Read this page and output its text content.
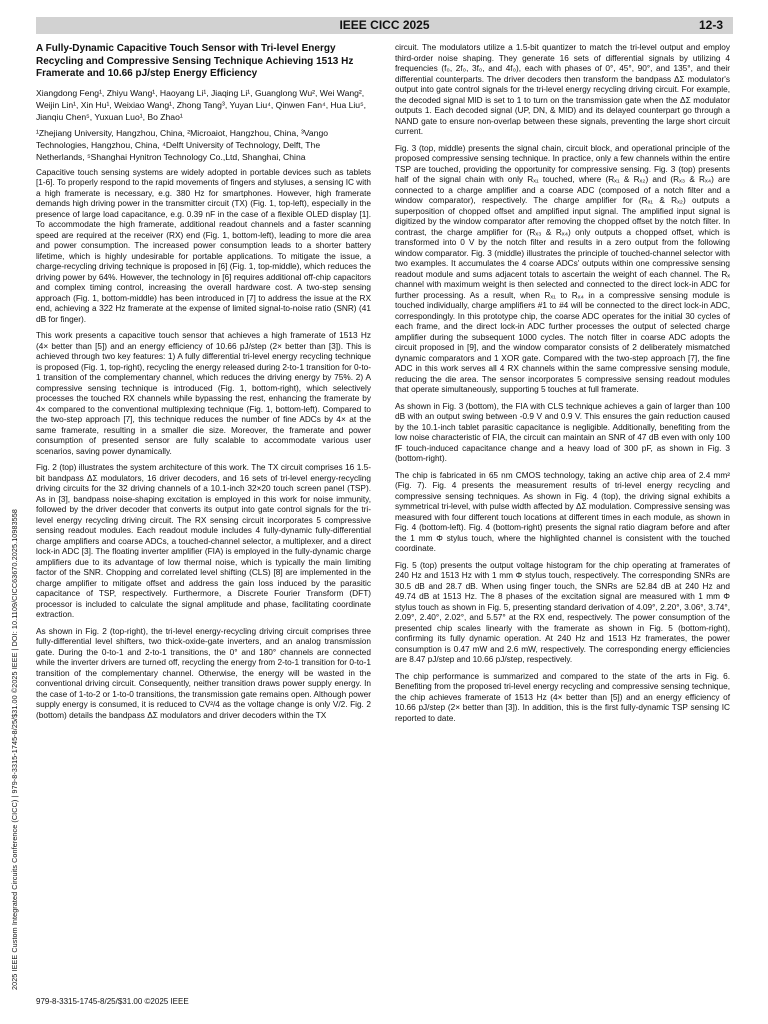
IEEE CICC 2025	12-3
2025 IEEE Custom Integrated Circuits Conference (CICC) | 979-8-3315-1745-8/25/$31.00 ©2025 IEEE | DOI: 10.1109/CICC63670.2025.10983558
A Fully-Dynamic Capacitive Touch Sensor with Tri-level Energy Recycling and Compressive Sensing Technique Achieving 1513 Hz Framerate and 10.66 pJ/step Energy Efficiency
Xiangdong Feng¹, Zhiyu Wang¹, Haoyang Li¹, Jiaqing Li¹, Guanglong Wu², Wei Wang², Weijin Lin¹, Xin Hu¹, Weixiao Wang¹, Zhong Tang³, Yuyan Liu⁴, Qinwen Fan⁴, Hua Liu⁵, Jianqiu Chen⁵, Yuxuan Luo¹, Bo Zhao¹
¹Zhejiang University, Hangzhou, China, ²Microaiot, Hangzhou, China, ³Vango Technologies, Hangzhou, China, ⁴Delft University of Technology, Delft, The Netherlands, ⁵Shanghai Hynitron Technology Co.,Ltd, Shanghai, China

Capacitive touch sensing systems are widely adopted in portable devices such as tablets [1-6]. To properly respond to the rapid movements of fingers and styluses, a sensing IC with a high framerate is necessary, e.g. 380 Hz for smartphones. However, high framerate demands high driving power in the transmitter circuit (TX) (Fig. 1, top-left), especially in the presence of large load capacitance, e.g. 0.39 nF in the case of a flexible OLED display [1]. To accommodate the high framerate, additional readout channels and a faster scanning speed are required at the receiver (RX) end (Fig. 1, bottom-left), leading to more die area and power consumption. The increased power consumption leads to a shorter battery lifetime, which is highly undesirable for portable applications. To mitigate the issue, a charge-recycling driving technique is proposed in [6] (Fig. 1, top-middle), which reduces the driving power by 64%. However, the technology in [6] requires additional off-chip capacitors and complex timing control, increasing the overall hardware cost. A two-step sensing approach (Fig. 1, bottom-middle) has been introduced in [7] to address the issue at the RX end, achieving a 322 Hz framerate at the expense of limited signal-to-noise ratio (SNR) (41 dB for finger).

This work presents a capacitive touch sensor that achieves a high framerate of 1513 Hz (4× better than [5]) and an energy efficiency of 10.66 pJ/step (2× better than [3]). This is achieved through two key features: 1) A fully differential tri-level energy recycling technique is proposed (Fig. 1, top-right), recycling the energy released during 2-to-1 transition for 0-to-1 transition of the complementary channel, which reduces the driving energy by 75%. 2) A compressive sensing technique is introduced (Fig. 1, bottom-right), which selectively processes the touched RX channels while bypassing the rest, enhancing the framerate by 4× compared to the conventional multiplexing technique (Fig. 1, bottom-left). Compared to the two-step approach [7], this technique reduces the number of fine ADCs by 4× at the same framerate, resulting in a smaller die size. Moreover, the framerate and power consumption of presented sensor are fully scalable to accommodate various user scenarios, saving power dynamically.

Fig. 2 (top) illustrates the system architecture of this work. The TX circuit comprises 16 1.5-bit bandpass ΔΣ modulators, 16 driver decoders, and 16 sets of tri-level energy-recycling driving circuits for the 32 driving channels of a 10.1-inch 32×20 touch screen panel (TSP). As in [3], bandpass noise-shaping excitation is employed in this work for noise immunity, followed by the driver decoder that converts its output into gate control signals for the tri-level energy recycling driving circuit. The RX sensing circuit incorporates 5 compressive sensing readout modules. Each readout module includes 4 fully-dynamic fully-differential charge amplifiers and coarse ADCs, a touched-channel selector, a multiplexer, and a direct lock-in ADC [3]. The floating inverter amplifier (FIA) is employed in the fully-dynamic charge amplifiers due to its advantage of low thermal noise, which is typically the main limiting factor of the SNR. Chopping and correlated level shifting (CLS) [8] are implemented in the charge amplifier to mitigate offset and address the gain loss induced by the parasitic capacitance of TSP, respectively. Furthermore, a Discrete Fourier Transform (DFT) processor is included to calculate the signal amplitude and phase, facilitating coordinate extraction.

As shown in Fig. 2 (top-right), the tri-level energy-recycling driving circuit comprises three fully-differential level shifters, two thick-oxide-gate inverters, and an analog transmission gate. During the 0-to-1 and 2-to-1 transitions, the 0° and 180° channels are connected while the inverter drivers are turned off, recycling the energy from 2-to-1 transition for 0-to-1 transition of the complementary channel. Otherwise, the energy will be wasted in the conventional driving circuit. Consequently, neither transition draws power supply energy. In the case of 1-to-2 or 1-to-0 transitions, the transmission gate remains open. Although power supply energy is consumed, it is reduced to CV²/4 as the voltage change is only V/2. Fig. 2 (bottom) details the bandpass ΔΣ modulators and driver decoders within the TX

circuit. The modulators utilize a 1.5-bit quantizer to match the tri-level output and employ third-order noise shaping. They generate 16 sets of differential signals by utilizing 4 frequencies (f₀, 2f₀, 3f₀, and 4f₀), each with phases of 0°, 45°, 90°, and 135°, and their differential counterparts. The driver decoders then transform the bandpass ΔΣ modulator's output into gate control signals for the tri-level energy recycling driving circuit. For example, the decoded signal MID is set to 1 to turn on the transmission gate when the ΔΣ modulator outputs 1. Each decoded signal (UP, DN, & MID) and its delayed counterpart go through a NAND gate to ensure non-overlap between these signals, preventing the large short circuit current.

Fig. 3 (top, middle) presents the signal chain, circuit block, and operational principle of the proposed compressive sensing technique. In practice, only a few channels within the entire TSP are touched, providing the opportunity for compressive sensing. Fig. 3 (top) presents half of the signal chain with only Rₓ₁ touched, where (Rₓ₁ & Rₓ₂) and (Rₓ₃ & Rₓ₄) are connected to a charge amplifier and a coarse ADC (composed of a notch filter and a window comparator), respectively. The charge amplifier for (Rₓ₁ & Rₓ₂) outputs a superposition of chopped offset and amplified input signal. The amplified input signal is digitized by the window comparator after removing the chopped offset by the notch filter. In contrast, the charge amplifier for (Rₓ₃ & Rₓ₄) only outputs a chopped offset, which is transformed into 0 V by the notch filter and results in a zero output from the following window comparator. Fig. 3 (middle) illustrates the principle of touched-channel selector with two examples. It accumulates the 4 coarse ADCs' outputs within one compressive sensing readout module and sums adjacent totals to ascertain the weight of each channel. The Rₓ channel with maximum weight is then selected and connected to the direct lock-in ADC for further processing. As a result, when Rₓ₁ to Rₓ₄ in a compressive sensing module is touched individually, charge amplifiers #1 to #4 will be connected to the direct lock-in ADC, correspondingly. In this prototype chip, the coarse ADC operates for the initial 30 cycles of each frame, and the direct lock-in ADC further processes the output of selected charge amplifier during the subsequent 1000 cycles. The notch filter in coarse ADC adopts the circuit proposed in [9], and the window comparator consists of 2 deliberately mismatched dynamic comparators and 1 XOR gate. Compared with the two-step approach [7], the fine ADC in this work serves all 4 RX channels within the same compressive sensing module, reducing the die area. The sensor incorporates 5 compressive sensing readout modules that operate simultaneously, supporting 5 touches at full framerate.

As shown in Fig. 3 (bottom), the FIA with CLS technique achieves a gain of larger than 100 dB with an output swing between -0.9 V and 0.9 V. This ensures the gain reduction caused by the 10.1-inch tablet parasitic capacitance is negligible. Additionally, benefiting from the low noise characteristic of FIA, the circuit can maintain an SNR of 47 dB even with only 100 fF touch-induced capacitance change and a heavy load of 300 pF, as shown in Fig. 3 (bottom-right).

The chip is fabricated in 65 nm CMOS technology, taking an active chip area of 2.4 mm² (Fig. 7). Fig. 4 presents the measurement results of tri-level energy recycling and compressive sensing techniques. As shown in Fig. 4 (top), the driving signal exhibits a symmetrical tri-level, with pulse width affected by ΔΣ modulation. Compressive sensing was measured with four different touch locations at different times in each module, as shown in Fig. 4 (bottom-left). Fig. 4 (bottom-right) presents the signal ratio diagram before and after the 1 mm Φ stylus touch, where the highlighted channel is consistent with the touched coordinate.

Fig. 5 (top) presents the output voltage histogram for the chip operating at framerates of 240 Hz and 1513 Hz with 1 mm Φ stylus touch, respectively. The corresponding SNRs are 30.5 dB and 28.7 dB. When using finger touch, the SNRs are 52.84 dB at 240 Hz and 49.74 dB at 1513 Hz. The 8 phases of the excitation signal are measured with 1 mm Φ stylus touch as shown in Fig. 5, presenting standard derivation of 4.09°, 2.20°, 3.06°, 3.74°, 2.09°, 2.40°, 2.02°, and 5.57° at the RX end, respectively. The power consumption of the presented chip scales linearly with the framerate as shown in Fig. 5 (bottom-right), confirming its fully dynamic operation. At 240 Hz and 1513 Hz framerates, the power consumption is 0.47 mW and 2.6 mW, respectively. The corresponding energy efficiencies are 8.47 pJ/step and 10.66 pJ/step, respectively.

The chip performance is summarized and compared to the state of the arts in Fig. 6. Benefiting from the proposed tri-level energy recycling and compressive sensing technique, the chip achieves framerate of 1513 Hz (4× better than [5]) and an energy efficiency of 10.66 pJ/step (2× better than [3]). In addition, this is the first fully-dynamic TSP sensing IC reported to date.

979-8-3315-1745-8/25/$31.00 ©2025 IEEE
